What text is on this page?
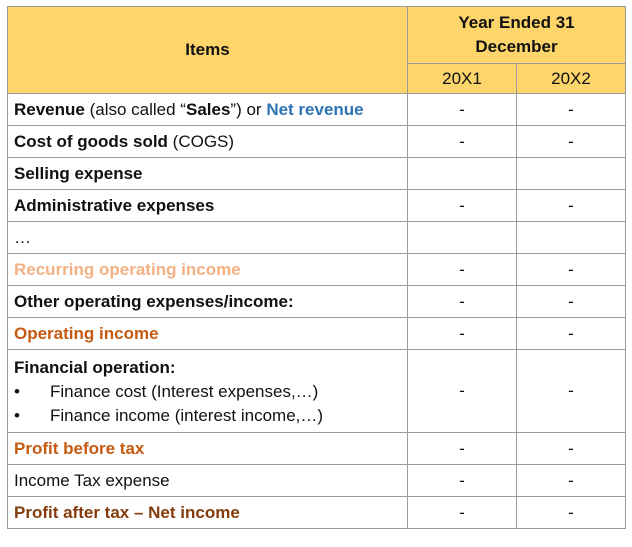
Items	Year Ended 31 December	

	20X1	20X2
Revenue (also called “Sales”) or Net revenue	-	-
Cost of goods sold (COGS)	-	-
Selling expense		
Administrative expenses	-	-
…		
Recurring operating income	-	-
Other operating expenses/income:	-	-
Operating income	-	-

Financial operation:
• Finance cost (Interest expenses,…)
• Finance income (interest income,…)	-	-
Profit before tax	-	-
Income Tax expense	-	-
Profit after tax – Net income	-	-
